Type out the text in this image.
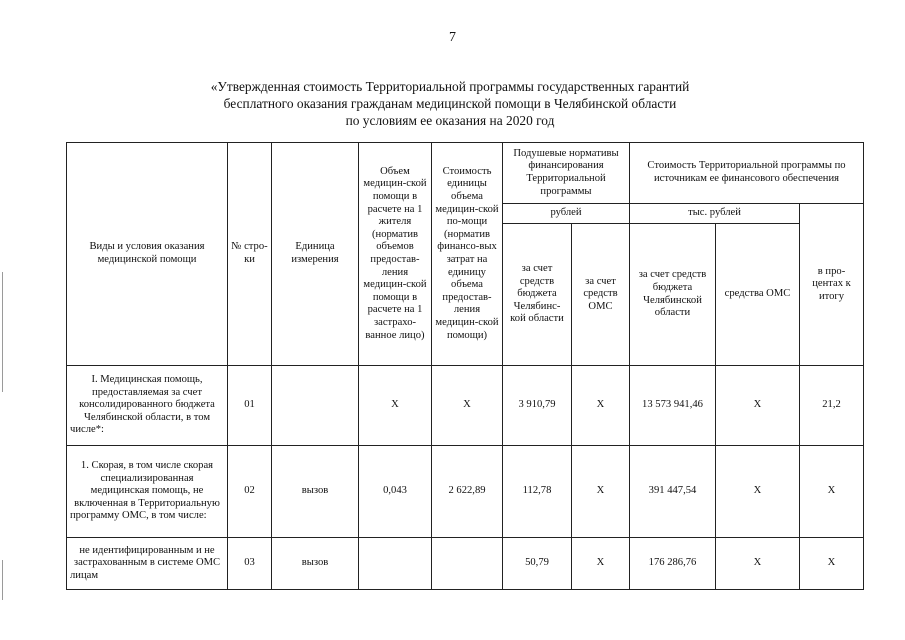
7
«Утвержденная стоимость Территориальной программы государственных гарантий
бесплатного оказания гражданам медицинской помощи в Челябинской области
по условиям ее оказания на 2020 год
Виды и условия оказания медицинской помощи	№ стро-ки	Единица измерения	Объем медицин-ской помощи в расчете на 1 жителя (норматив объемов предостав-ления медицин-ской помощи в расчете на 1 застрахо-ванное лицо)	Стоимость единицы объема медицин-ской по-мощи (норматив финансо-вых затрат на единицу объема предостав-ления медицин-ской помощи)	Подушевые нормативы финансирования Территориальной программы		Стоимость Территориальной программы по источникам ее финансового обеспечения		
					рублей		тыс. рублей		в про-центах к итогу
					за счет средств бюджета Челябинс-кой области	за счет средств ОМС	за счет средств бюджета Челябинской области	средства ОМС	
I. Медицинская помощь, предоставляемая за счет консолидированного бюджета Челябинской области, в том числе*:	01		Х	Х	3 910,79	Х	13 573 941,46	Х	21,2
1. Скорая, в том числе скорая специализированная медицинская помощь, не включенная в Территориальную программу ОМС, в том числе:	02	вызов	0,043	2 622,89	112,78	Х	391 447,54	Х	Х
не идентифицированным и не застрахованным в системе ОМС лицам	03	вызов			50,79	Х	176 286,76	Х	Х
